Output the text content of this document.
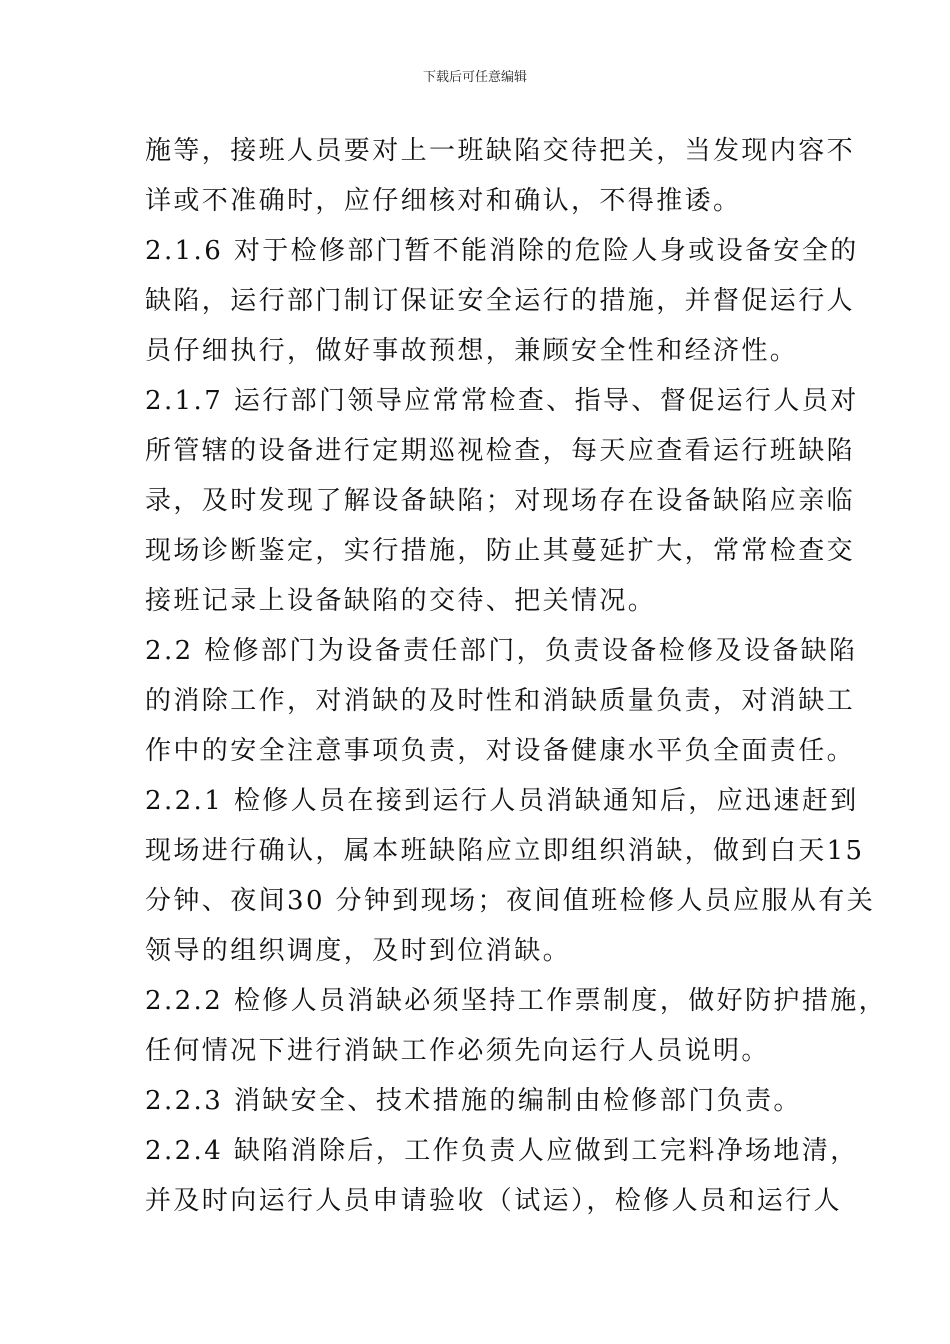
下载后可任意编辑
施等，接班人员要对上一班缺陷交待把关，当发现内容不
详或不准确时，应仔细核对和确认，不得推诿。
2.1.6 对于检修部门暂不能消除的危险人身或设备安全的
缺陷，运行部门制订保证安全运行的措施，并督促运行人
员仔细执行，做好事故预想，兼顾安全性和经济性。
2.1.7 运行部门领导应常常检查、指导、督促运行人员对
所管辖的设备进行定期巡视检查，每天应查看运行班缺陷
录，及时发现了解设备缺陷；对现场存在设备缺陷应亲临
现场诊断鉴定，实行措施，防止其蔓延扩大，常常检查交
接班记录上设备缺陷的交待、把关情况。
2.2 检修部门为设备责任部门，负责设备检修及设备缺陷
的消除工作，对消缺的及时性和消缺质量负责，对消缺工
作中的安全注意事项负责，对设备健康水平负全面责任。
2.2.1 检修人员在接到运行人员消缺通知后，应迅速赶到
现场进行确认，属本班缺陷应立即组织消缺，做到白天15
分钟、夜间30 分钟到现场；夜间值班检修人员应服从有关
领导的组织调度，及时到位消缺。
2.2.2 检修人员消缺必须坚持工作票制度，做好防护措施，
任何情况下进行消缺工作必须先向运行人员说明。
2.2.3 消缺安全、技术措施的编制由检修部门负责。
2.2.4 缺陷消除后，工作负责人应做到工完料净场地清，
并及时向运行人员申请验收（试运），检修人员和运行人
